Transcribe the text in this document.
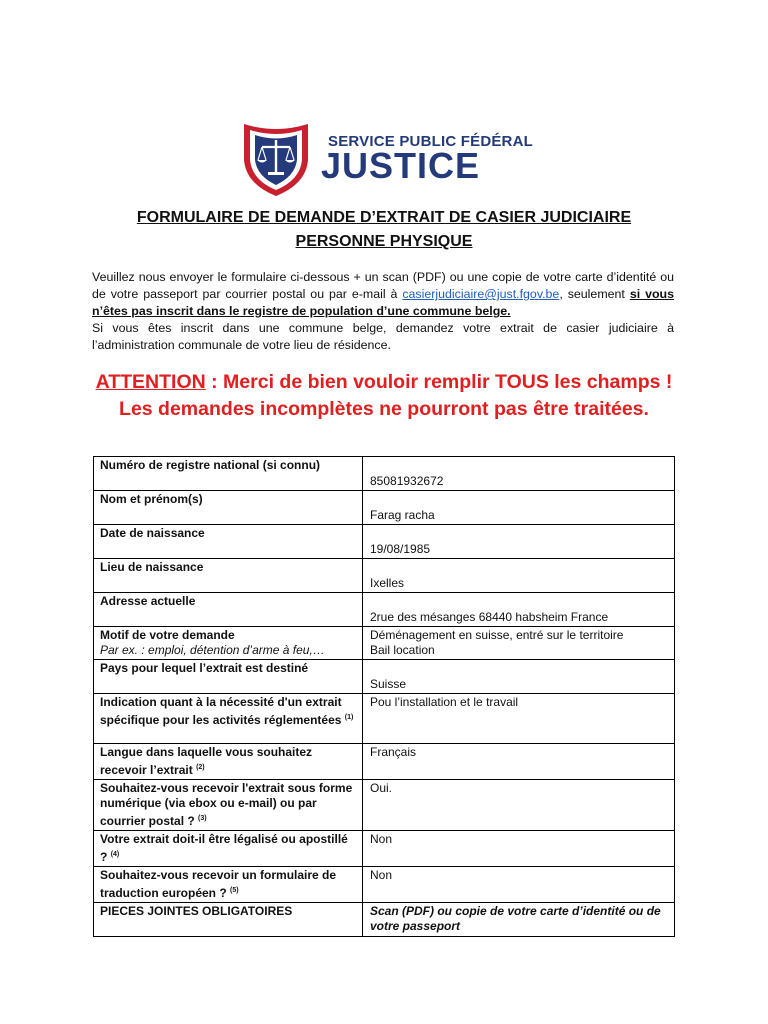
SERVICE PUBLIC FÉDÉRAL
JUSTICE
FORMULAIRE DE DEMANDE D’EXTRAIT DE CASIER JUDICIAIRE
PERSONNE PHYSIQUE
Veuillez nous envoyer le formulaire ci-dessous + un scan (PDF) ou une copie de votre carte d’identité ou de votre passeport par courrier postal ou par e-mail à casierjudiciaire@just.fgov.be, seulement si vous n’êtes pas inscrit dans le registre de population d’une commune belge.
Si vous êtes inscrit dans une commune belge, demandez votre extrait de casier judiciaire à l’administration communale de votre lieu de résidence.
ATTENTION : Merci de bien vouloir remplir TOUS les champs ! Les demandes incomplètes ne pourront pas être traitées.
Numéro de registre national (si connu)	85081932672

Nom et prénom(s)	Farag racha

Date de naissance	19/08/1985

Lieu de naissance	Ixelles

Adresse actuelle	2rue des mésanges 68440 habsheim France

Motif de votre demande
Par ex. : emploi, détention d’arme à feu,…	Déménagement en suisse, entré sur le territoire
Bail location

Pays pour lequel l’extrait est destiné	Suisse

Indication quant à la nécessité d'un extrait spécifique pour les activités réglementées $^{(1)}$	Pou l’installation et le travail
Langue dans laquelle vous souhaitez recevoir l’extrait $^{(2)}$	Français
Souhaitez-vous recevoir l'extrait sous forme numérique (via ebox ou e-mail) ou par courrier postal ? $^{(3)}$	Oui.
Votre extrait doit-il être légalisé ou apostillé ? $^{(4)}$	Non
Souhaitez-vous recevoir un formulaire de traduction européen ? $^{(5)}$	Non
PIECES JOINTES OBLIGATOIRES	Scan (PDF) ou copie de votre carte d’identité ou de votre passeport
